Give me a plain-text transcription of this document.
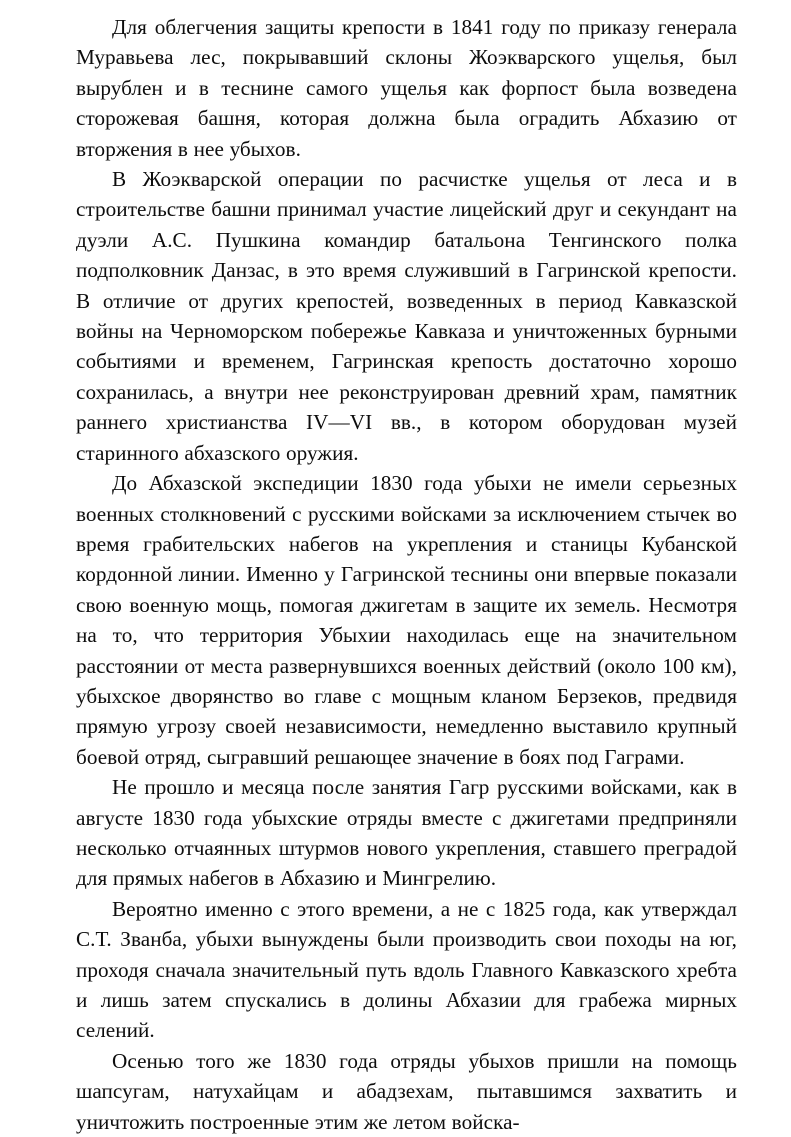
Для облегчения защиты крепости в 1841 году по приказу генерала Муравьева лес, покрывавший склоны Жоэкварского ущелья, был вырублен и в теснине самого ущелья как форпост была возведена сторожевая башня, которая должна была оградить Абхазию от вторжения в нее убыхов.

В Жоэкварской операции по расчистке ущелья от леса и в строительстве башни принимал участие лицейский друг и секундант на дуэли А.С. Пушкина командир батальона Тенгинского полка подполковник Данзас, в это время служивший в Гагринской крепости. В отличие от других крепостей, возведенных в период Кавказской войны на Черноморском побережье Кавказа и уничтоженных бурными событиями и временем, Гагринская крепость достаточно хорошо сохранилась, а внутри нее реконструирован древний храм, памятник раннего христианства IV—VI вв., в котором оборудован музей старинного абхазского оружия.

До Абхазской экспедиции 1830 года убыхи не имели серьезных военных столкновений с русскими войсками за исключением стычек во время грабительских набегов на укрепления и станицы Кубанской кордонной линии. Именно у Гагринской теснины они впервые показали свою военную мощь, помогая джигетам в защите их земель. Несмотря на то, что территория Убыхии находилась еще на значительном расстоянии от места развернувшихся военных действий (около 100 км), убыхское дворянство во главе с мощным кланом Берзеков, предвидя прямую угрозу своей независимости, немедленно выставило крупный боевой отряд, сыгравший решающее значение в боях под Гаграми.

Не прошло и месяца после занятия Гагр русскими войсками, как в августе 1830 года убыхские отряды вместе с джигетами предприняли несколько отчаянных штурмов нового укрепления, ставшего преградой для прямых набегов в Абхазию и Мингрелию.

Вероятно именно с этого времени, а не с 1825 года, как утверждал С.Т. Званба, убыхи вынуждены были производить свои походы на юг, проходя сначала значительный путь вдоль Главного Кавказского хребта и лишь затем спускались в долины Абхазии для грабежа мирных селений.

Осенью того же 1830 года отряды убыхов пришли на помощь шапсугам, натухайцам и абадзехам, пытавшимся захватить и уничтожить построенные этим же летом войска-
